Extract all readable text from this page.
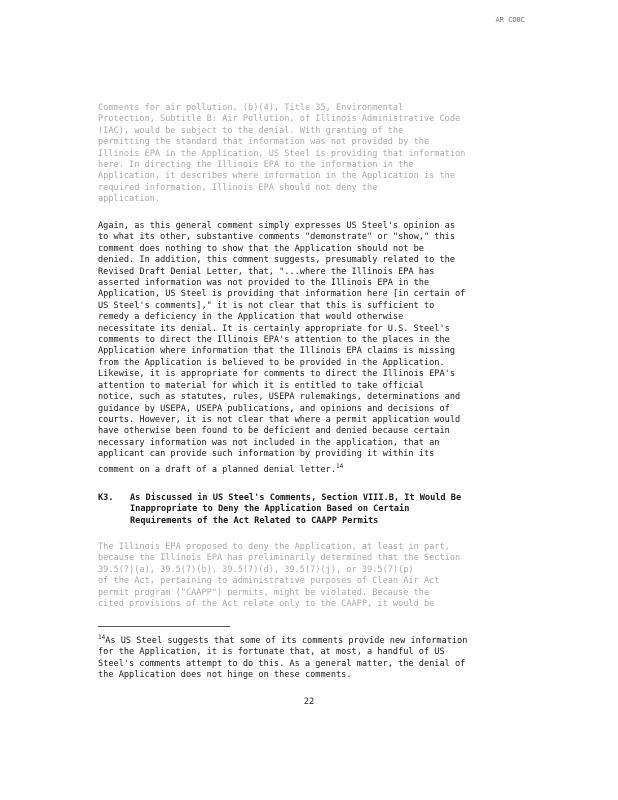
AR CO0C

Comments for air pollution, (b)(4), Title 35, Environmental
Protection, Subtitle B: Air Pollution, of Illinois Administrative Code
(IAC), would be subject to the denial. With granting of the
permitting the standard that information was not provided by the
Illinois EPA in the Application, US Steel is providing that information
here. In directing the Illinois EPA to the information in the
Application, it describes where information in the Application is the
required information, Illinois EPA should not deny the
application.

Again, as this general comment simply expresses US Steel's opinion as
to what its other, substantive comments "demonstrate" or "show," this
comment does nothing to show that the Application should not be
denied. In addition, this comment suggests, presumably related to the
Revised Draft Denial Letter, that, "...where the Illinois EPA has
asserted information was not provided to the Illinois EPA in the
Application, US Steel is providing that information here [in certain of
US Steel's comments]," it is not clear that this is sufficient to
remedy a deficiency in the Application that would otherwise
necessitate its denial. It is certainly appropriate for U.S. Steel's
comments to direct the Illinois EPA's attention to the places in the
Application where information that the Illinois EPA claims is missing
from the Application is believed to be provided in the Application.
Likewise, it is appropriate for comments to direct the Illinois EPA's
attention to material for which it is entitled to take official
notice, such as statutes, rules, USEPA rulemakings, determinations and
guidance by USEPA, USEPA publications, and opinions and decisions of
courts. However, it is not clear that where a permit application would
have otherwise been found to be deficient and denied because certain
necessary information was not included in the application, that an
applicant can provide such information by providing it within its
comment on a draft of a planned denial letter.$^{14}$

K3. As Discussed in US Steel's Comments, Section VIII.B, It Would Be
Inappropriate to Deny the Application Based on Certain
Requirements of the Act Related to CAAPP Permits

The Illinois EPA proposed to deny the Application, at least in part,
because the Illinois EPA has preliminarily determined that the Section
39.5(7)(a), 39.5(7)(b), 39.5(7)(d), 39.5(7)(j), or 39.5(7)(p)
of the Act, pertaining to administrative purposes of Clean Air Act
permit program ("CAAPP") permits, might be violated. Because the
cited provisions of the Act relate only to the CAAPP, it would be

$^{14}$As US Steel suggests that some of its comments provide new information
for the Application, it is fortunate that, at most, a handful of US
Steel's comments attempt to do this. As a general matter, the denial of
the Application does not hinge on these comments.

22
